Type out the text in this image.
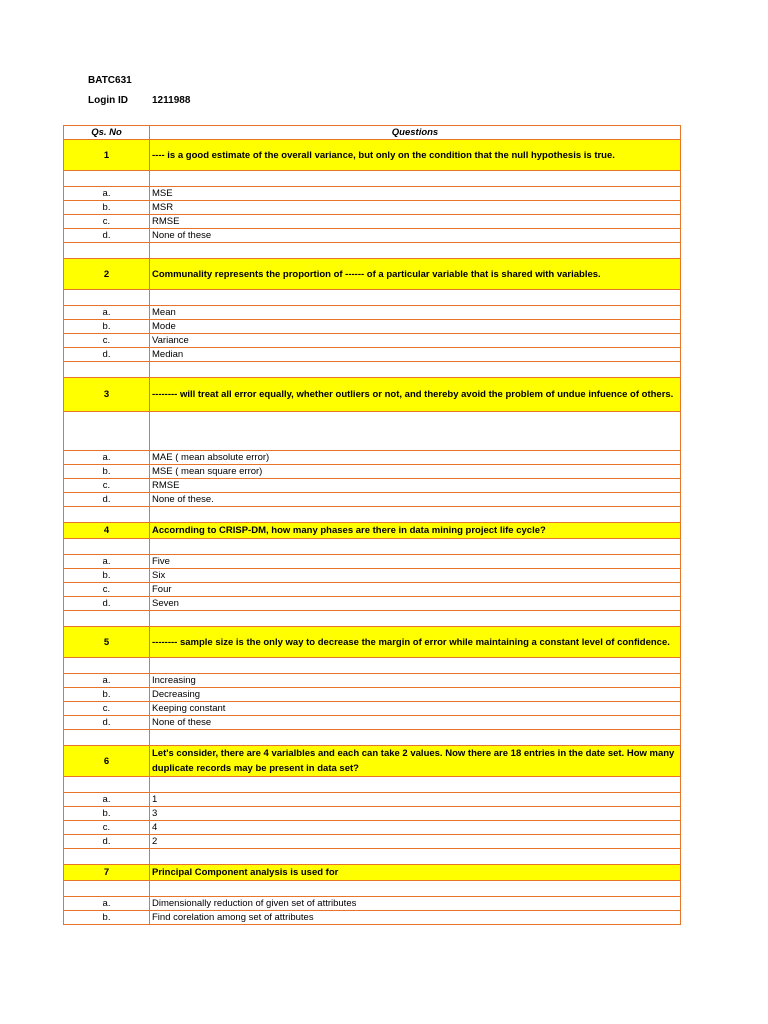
BATC631
Login ID 1211988
Qs. No	Questions
1	---- is a good estimate of the overall variance, but only on the condition that the null hypothesis is true.

a.	MSE
b.	MSR
c.	RMSE
d.	None of these

2	Communality represents the proportion of ------ of a particular variable that is shared with variables.

a.	Mean
b.	Mode
c.	Variance
d.	Median

3	-------- will treat all error equally, whether outliers or not, and thereby avoid the problem of undue infuence of others.

a.	MAE ( mean absolute error)
b.	MSE ( mean square error)
c.	RMSE
d.	None of these.

4	Accornding to CRISP-DM, how many phases are there in data mining project life cycle?

a.	Five
b.	Six
c.	Four
d.	Seven

5	-------- sample size is the only way to decrease the margin of error while maintaining a constant level of confidence.

a.	Increasing
b.	Decreasing
c.	Keeping constant
d.	None of these

6	Let's consider, there are 4 varialbles and each can take 2 values. Now there are 18 entries in the date set. How many duplicate records may be present in data set?

a.	1
b.	3
c.	4
d.	2

7	Principal Component analysis is used for

a.	Dimensionally reduction of given set of attributes
b.	Find corelation among set of attributes
